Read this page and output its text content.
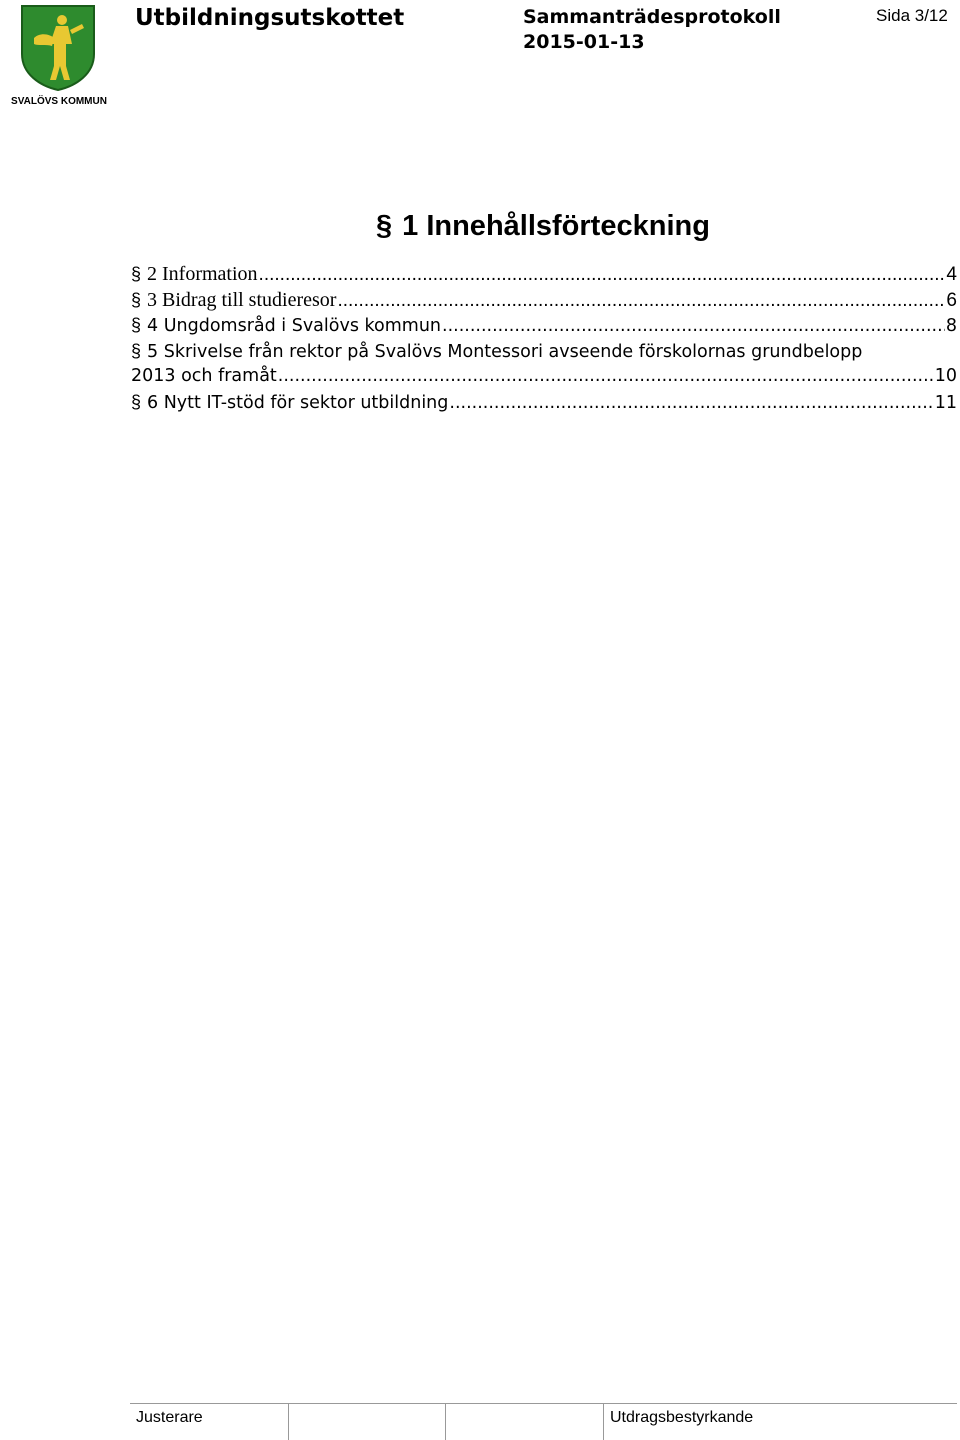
SVALÖVS KOMMUN
Utbildningsutskottet	Sammanträdesprotokoll
2015-01-13
Sida 3/12
§ 1 Innehållsförteckning
§ 2 Information .....	4
§ 3 Bidrag till studieresor .....	6
§ 4 Ungdomsråd i Svalövs kommun .....	8
§ 5 Skrivelse från rektor på Svalövs Montessori avseende förskolornas grundbelopp
2013 och framåt .....	10
§ 6 Nytt IT-stöd för sektor utbildning .....	11
Justerare	Utdragsbestyrkande
